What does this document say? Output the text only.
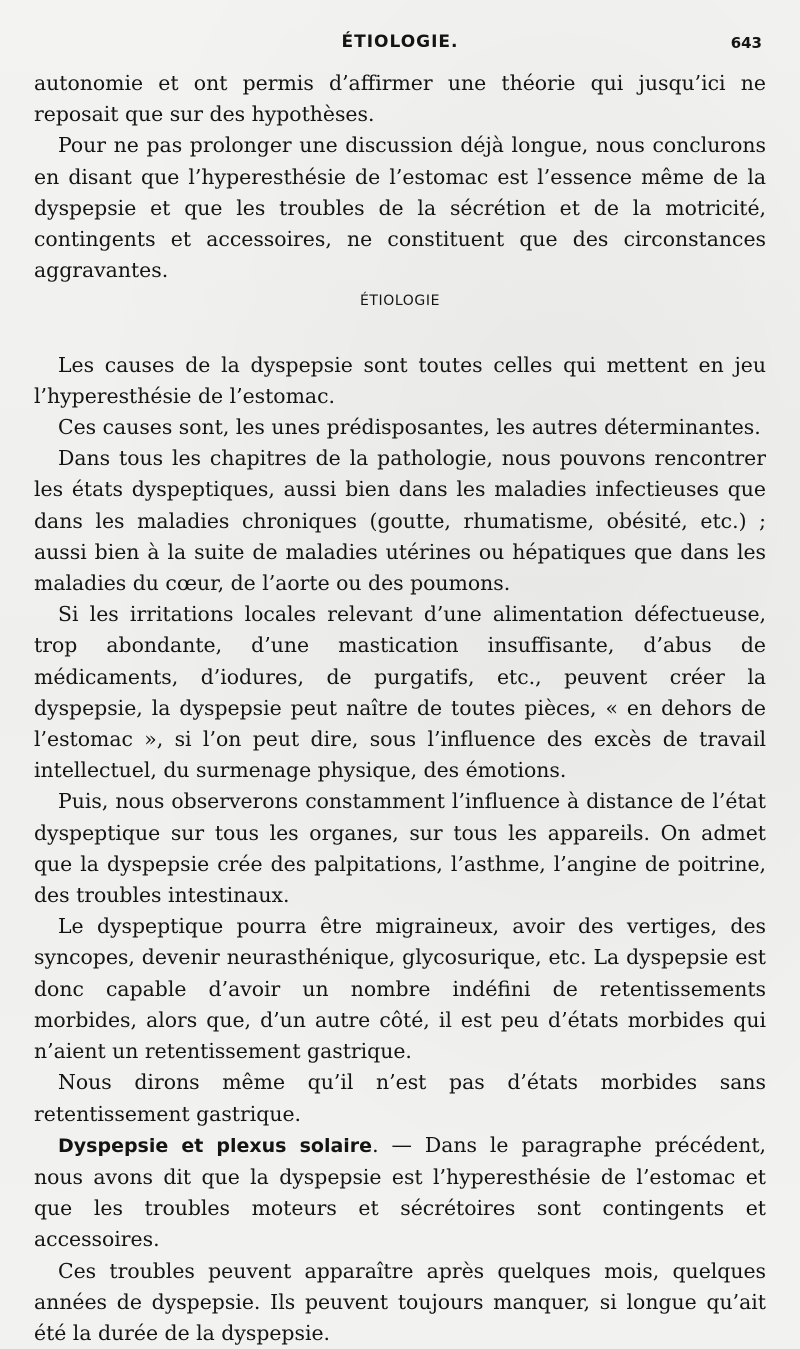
ÉTIOLOGIE.	643

autonomie et ont permis d’affirmer une théorie qui jusqu’ici ne reposait que sur des hypothèses.

Pour ne pas prolonger une discussion déjà longue, nous conclurons en disant que l’hyperesthésie de l’estomac est l’essence même de la dyspepsie et que les troubles de la sécrétion et de la motricité, contingents et accessoires, ne constituent que des circonstances aggravantes.

ÉTIOLOGIE

Les causes de la dyspepsie sont toutes celles qui mettent en jeu l’hyperesthésie de l’estomac.

Ces causes sont, les unes prédisposantes, les autres déterminantes.

Dans tous les chapitres de la pathologie, nous pouvons rencontrer les états dyspeptiques, aussi bien dans les maladies infectieuses que dans les maladies chroniques (goutte, rhumatisme, obésité, etc.) ; aussi bien à la suite de maladies utérines ou hépatiques que dans les maladies du cœur, de l’aorte ou des poumons.

Si les irritations locales relevant d’une alimentation défectueuse, trop abondante, d’une mastication insuffisante, d’abus de médicaments, d’iodures, de purgatifs, etc., peuvent créer la dyspepsie, la dyspepsie peut naître de toutes pièces, « en dehors de l’estomac », si l’on peut dire, sous l’influence des excès de travail intellectuel, du surmenage physique, des émotions.

Puis, nous observerons constamment l’influence à distance de l’état dyspeptique sur tous les organes, sur tous les appareils. On admet que la dyspepsie crée des palpitations, l’asthme, l’angine de poitrine, des troubles intestinaux.

Le dyspeptique pourra être migraineux, avoir des vertiges, des syncopes, devenir neurasthénique, glycosurique, etc. La dyspepsie est donc capable d’avoir un nombre indéfini de retentissements morbides, alors que, d’un autre côté, il est peu d’états morbides qui n’aient un retentissement gastrique.

Nous dirons même qu’il n’est pas d’états morbides sans retentissement gastrique.

Dyspepsie et plexus solaire. — Dans le paragraphe précédent, nous avons dit que la dyspepsie est l’hyperesthésie de l’estomac et que les troubles moteurs et sécrétoires sont contingents et accessoires.

Ces troubles peuvent apparaître après quelques mois, quelques années de dyspepsie. Ils peuvent toujours manquer, si longue qu’ait été la durée de la dyspepsie.
